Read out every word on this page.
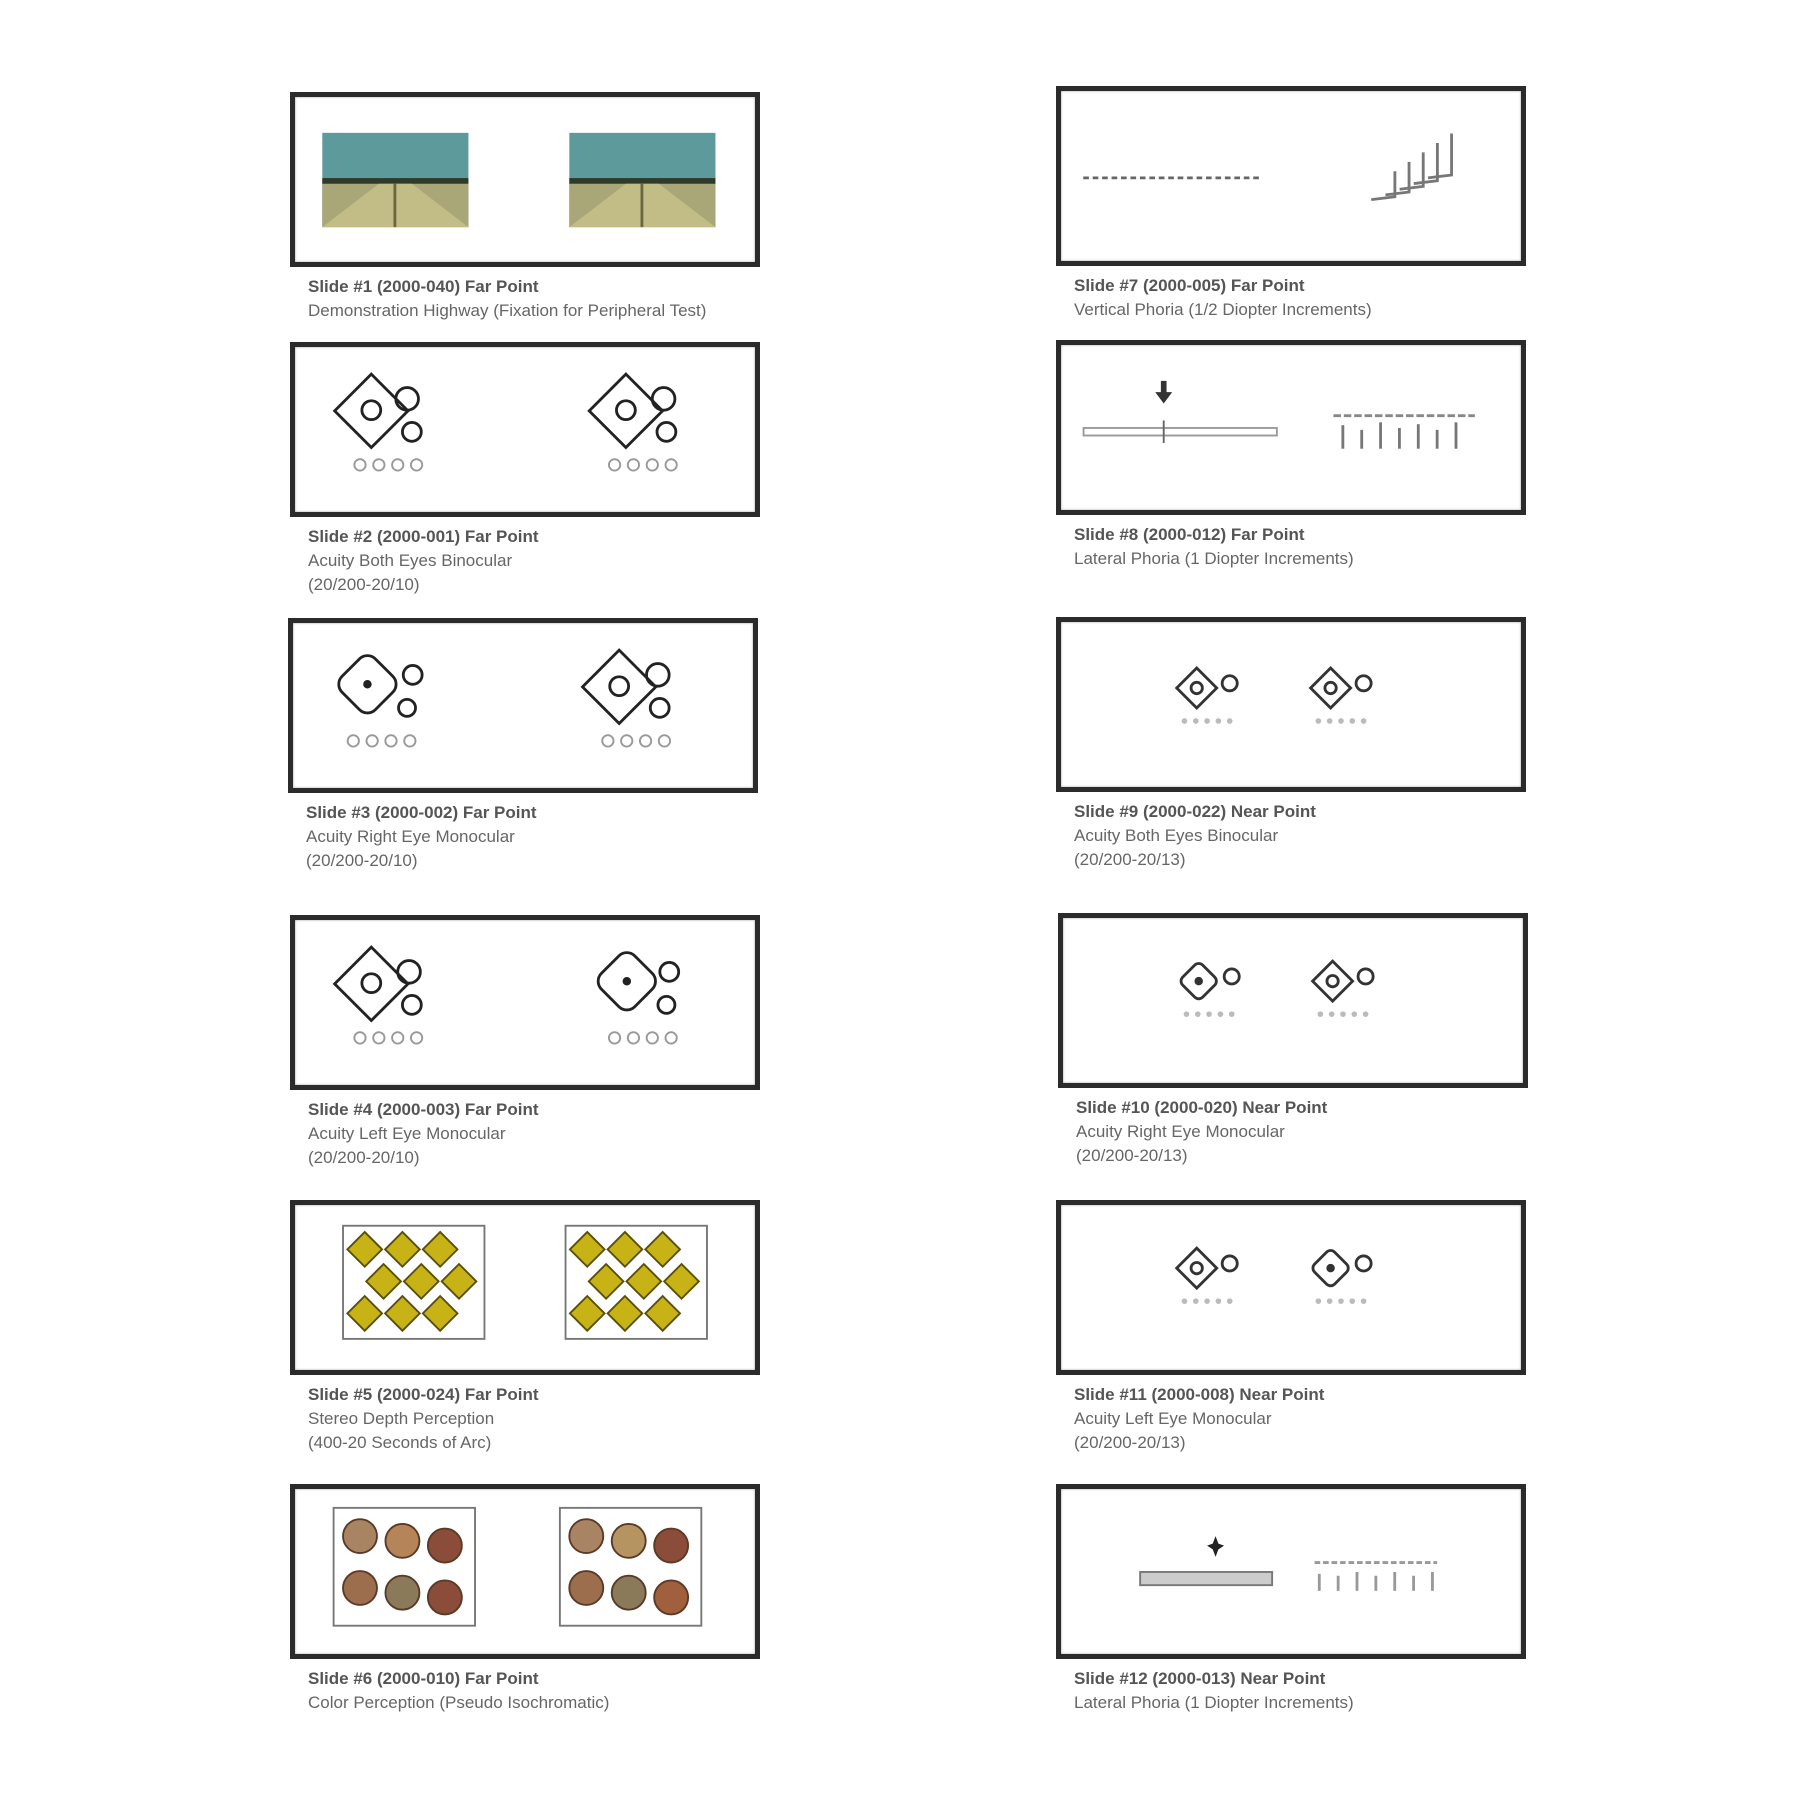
Slide #1 (2000-040) Far Point
Demonstration Highway (Fixation for Peripheral Test)
Slide #2 (2000-001) Far Point
Acuity Both Eyes Binocular
(20/200-20/10)
Slide #3 (2000-002) Far Point
Acuity Right Eye Monocular
(20/200-20/10)
Slide #4 (2000-003) Far Point
Acuity Left Eye Monocular
(20/200-20/10)
Slide #5 (2000-024) Far Point
Stereo Depth Perception
(400-20 Seconds of Arc)
Slide #6 (2000-010) Far Point
Color Perception (Pseudo Isochromatic)
Slide #7 (2000-005) Far Point
Vertical Phoria (1/2 Diopter Increments)
Slide #8 (2000-012) Far Point
Lateral Phoria (1 Diopter Increments)
Slide #9 (2000-022) Near Point
Acuity Both Eyes Binocular
(20/200-20/13)
Slide #10 (2000-020) Near Point
Acuity Right Eye Monocular
(20/200-20/13)
Slide #11 (2000-008) Near Point
Acuity Left Eye Monocular
(20/200-20/13)
Slide #12 (2000-013) Near Point
Lateral Phoria (1 Diopter Increments)
